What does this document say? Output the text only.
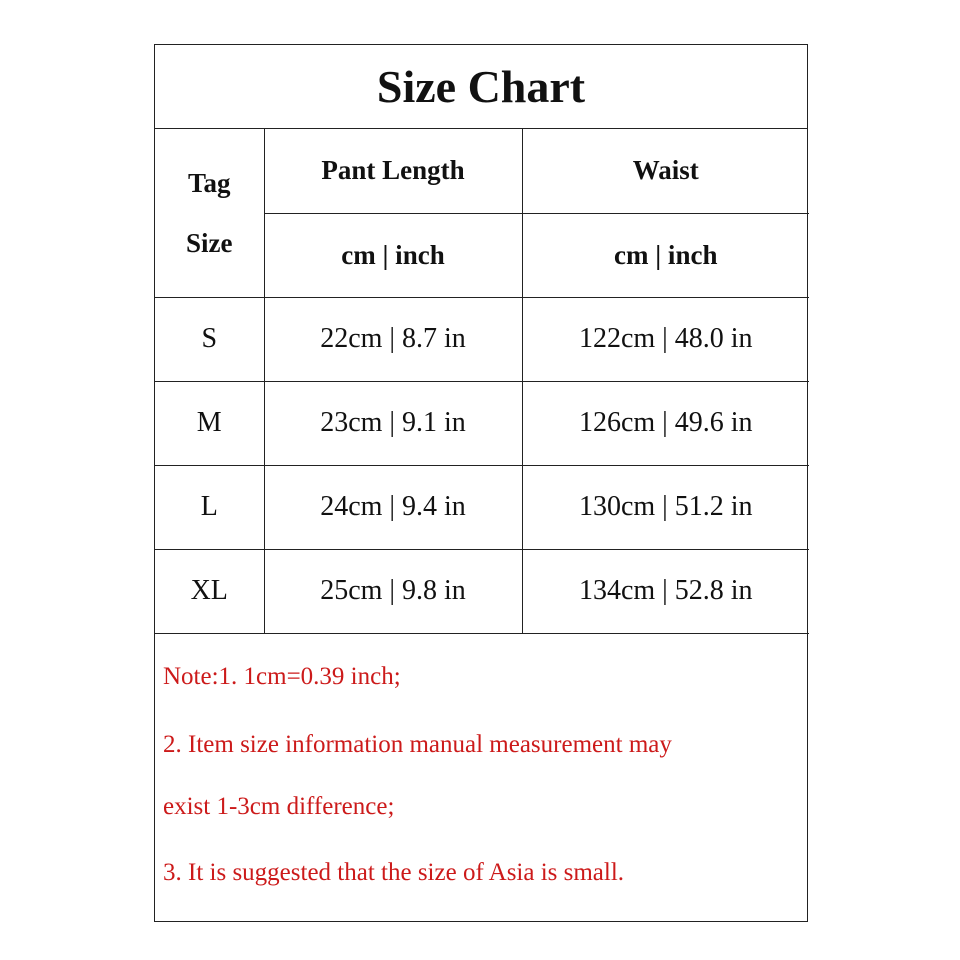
Size Chart
Tag
Size	Pant Length	Waist
	cm | inch	cm | inch
S	22cm | 8.7 in	122cm | 48.0 in
M	23cm | 9.1 in	126cm | 49.6 in
L	24cm | 9.4 in	130cm | 51.2 in
XL	25cm | 9.8 in	134cm | 52.8 in
Note:1. 1cm=0.39 inch;
2. Item size information manual measurement may
exist 1-3cm difference;
3. It is suggested that the size of Asia is small.
